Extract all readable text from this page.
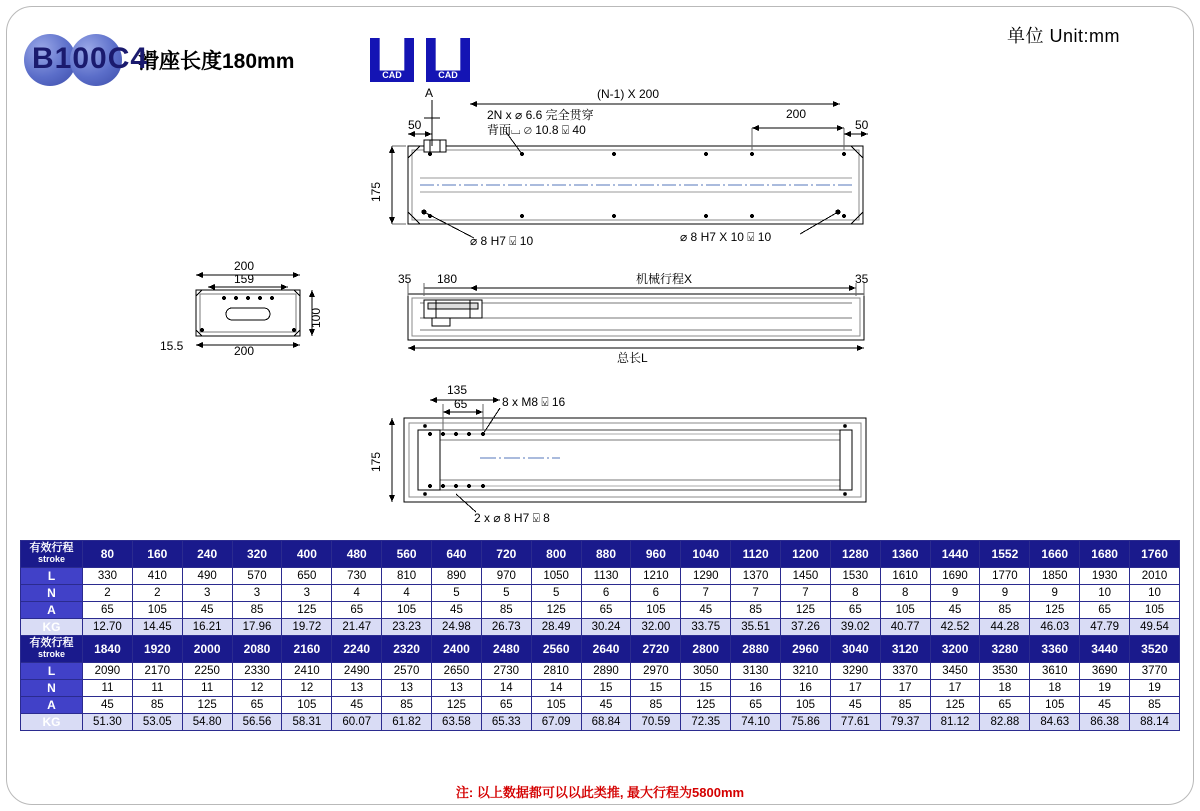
单位 Unit:mm
B100C4
滑座长度180mm	2D
CAD
3D
CAD
A	(N-1) X 200
200
50	50
2N x ⌀ 6.6 完全贯穿
背面⌴ ⌀ 10.8 ⍌ 40
⌀ 8 H7 ⍌ 10	⌀ 8 H7 X 10 ⍌ 10
175
200
159
100
15.5	200
35 180	机械行程X	35
总长L
135
65	8 x M8 ⍌ 16
175
2 x ⌀ 8 H7 ⍌ 8
有效行程
stroke	80	160	240	320	400	480	560	640	720	800	880	960	1040	1120	1200	1280	1360	1440	1552	1660	1680	1760
L	330	410	490	570	650	730	810	890	970	1050	1130	1210	1290	1370	1450	1530	1610	1690	1770	1850	1930	2010
N	2	2	3	3	3	4	4	5	5	5	6	6	7	7	7	8	8	9	9	9	10	10
A	65	105	45	85	125	65	105	45	85	125	65	105	45	85	125	65	105	45	85	125	65	105
KG	12.70	14.45	16.21	17.96	19.72	21.47	23.23	24.98	26.73	28.49	30.24	32.00	33.75	35.51	37.26	39.02	40.77	42.52	44.28	46.03	47.79	49.54

有效行程
stroke	1840	1920	2000	2080	2160	2240	2320	2400	2480	2560	2640	2720	2800	2880	2960	3040	3120	3200	3280	3360	3440	3520
L	2090	2170	2250	2330	2410	2490	2570	2650	2730	2810	2890	2970	3050	3130	3210	3290	3370	3450	3530	3610	3690	3770
N	11	11	11	12	12	13	13	13	14	14	15	15	15	16	16	17	17	17	18	18	19	19
A	45	85	125	65	105	45	85	125	65	105	45	85	125	65	105	45	85	125	65	105	45	85
KG	51.30	53.05	54.80	56.56	58.31	60.07	61.82	63.58	65.33	67.09	68.84	70.59	72.35	74.10	75.86	77.61	79.37	81.12	82.88	84.63	86.38	88.14
注: 以上数据都可以以此类推, 最大行程为5800mm
